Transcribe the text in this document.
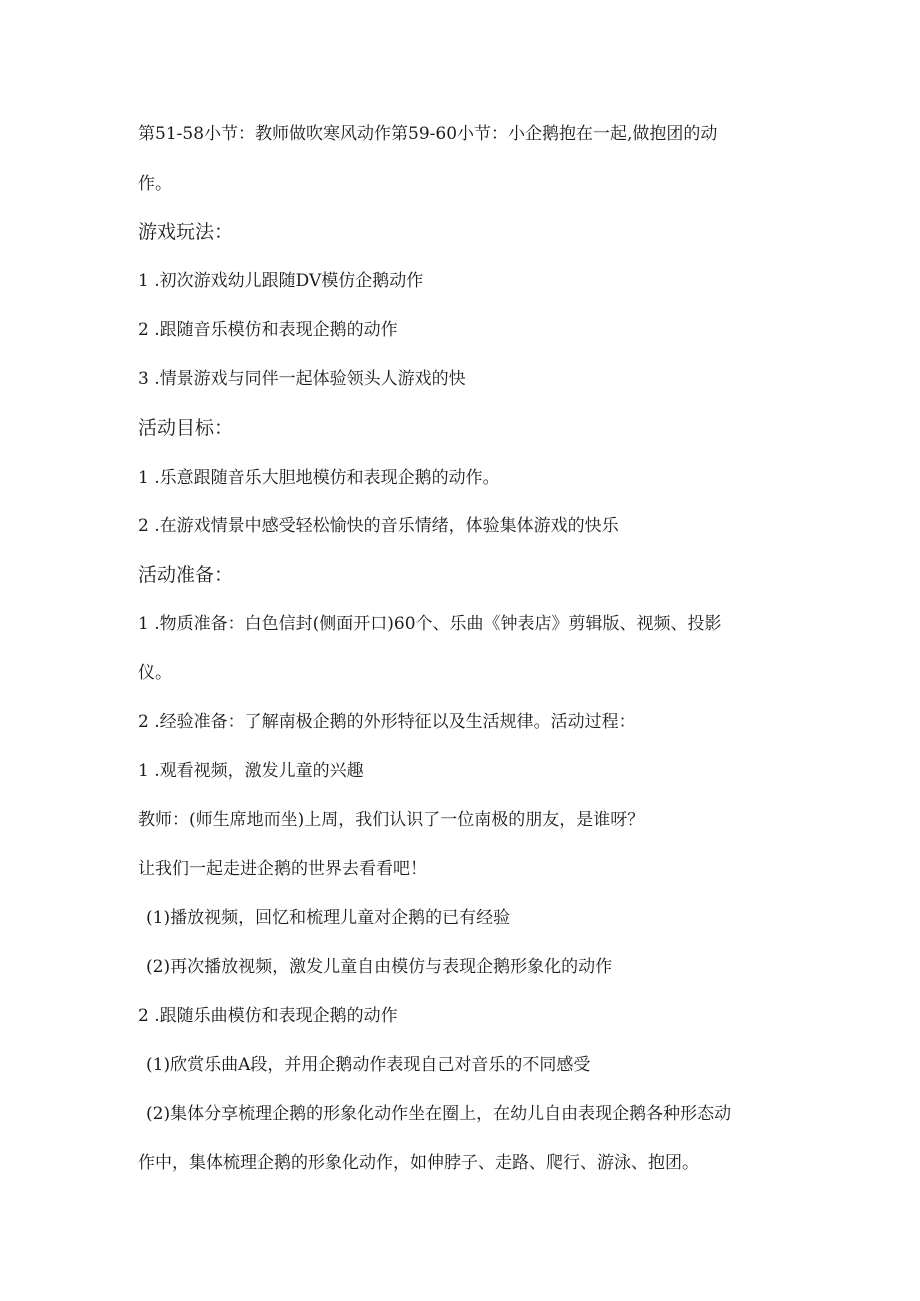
第51-58小节：教师做吹寒风动作第59-60小节：小企鹅抱在一起,做抱团的动
作。
游戏玩法：
1 .初次游戏幼儿跟随DV模仿企鹅动作
2 .跟随音乐模仿和表现企鹅的动作
3 .情景游戏与同伴一起体验领头人游戏的快
活动目标：
1 .乐意跟随音乐大胆地模仿和表现企鹅的动作。
2 .在游戏情景中感受轻松愉快的音乐情绪，体验集体游戏的快乐
活动准备：
1 .物质准备：白色信封(侧面开口)60个、乐曲《钟表店》剪辑版、视频、投影
仪。
2 .经验准备：了解南极企鹅的外形特征以及生活规律。活动过程：
1 .观看视频，激发儿童的兴趣
教师：(师生席地而坐)上周，我们认识了一位南极的朋友，是谁呀？
让我们一起走进企鹅的世界去看看吧！
(1)播放视频，回忆和梳理儿童对企鹅的已有经验
(2)再次播放视频，激发儿童自由模仿与表现企鹅形象化的动作
2 .跟随乐曲模仿和表现企鹅的动作
(1)欣赏乐曲A段，并用企鹅动作表现自己对音乐的不同感受
(2)集体分享梳理企鹅的形象化动作坐在圈上，在幼儿自由表现企鹅各种形态动
作中，集体梳理企鹅的形象化动作，如伸脖子、走路、爬行、游泳、抱团。
